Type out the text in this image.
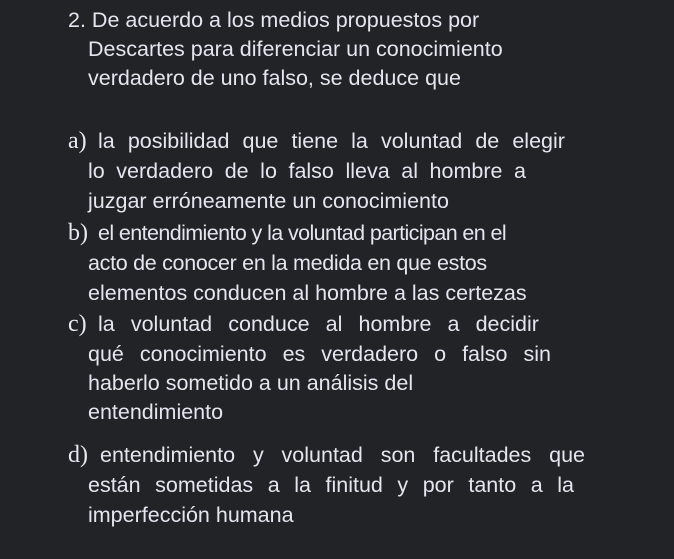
2. De acuerdo a los medios propuestos por
Descartes para diferenciar un conocimiento
verdadero de uno falso, se deduce que
a) la posibilidad que tiene la voluntad de elegir
lo verdadero de lo falso lleva al hombre a
juzgar erróneamente un conocimiento
b) el entendimiento y la voluntad participan en el
acto de conocer en la medida en que estos
elementos conducen al hombre a las certezas
c) la voluntad conduce al hombre a decidir
qué conocimiento es verdadero o falso sin
haberlo sometido a un análisis del
entendimiento
d) entendimiento y voluntad son facultades que
están sometidas a la finitud y por tanto a la
imperfección humana
